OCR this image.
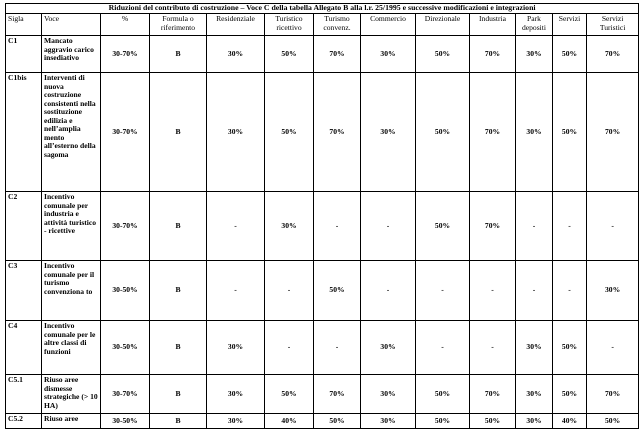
Riduzioni del contributo di costruzione – Voce C della tabella Allegato B alla l.r. 25/1995 e successive modificazioni e integrazioni												
Sigla	Voce	%	Formula o riferimento	Residenziale	Turistico ricettivo	Turismo convenz.	Commercio	Direzionale	Industria	Park depositi	Servizi	Servizi Turistici
C1	Mancato aggravio carico insediativo	30-70%	B	30%	50%	70%	30%	50%	70%	30%	50%	70%
C1bis	Interventi di nuova costruzione consistenti nella sostituzione edilizia e nell’amplia mento all’esterno della sagoma	30-70%	B	30%	50%	70%	30%	50%	70%	30%	50%	70%
C2	Incentivo comunale per industria e attività turistico - ricettive	30-70%	B	-	30%	-	-	50%	70%	-	-	-
C3	Incentivo comunale per il turismo convenziona to	30-50%	B	-	-	50%	-	-	-	-	-	30%
C4	Incentivo comunale per le altre classi di funzioni	30-50%	B	30%	-	-	30%	-	-	30%	50%	-
C5.1	Riuso aree dismesse strategiche (> 10 HA)	30-70%	B	30%	50%	70%	30%	50%	70%	30%	50%	70%
C5.2	Riuso aree	30-50%	B	30%	40%	50%	30%	50%	50%	30%	40%	50%
